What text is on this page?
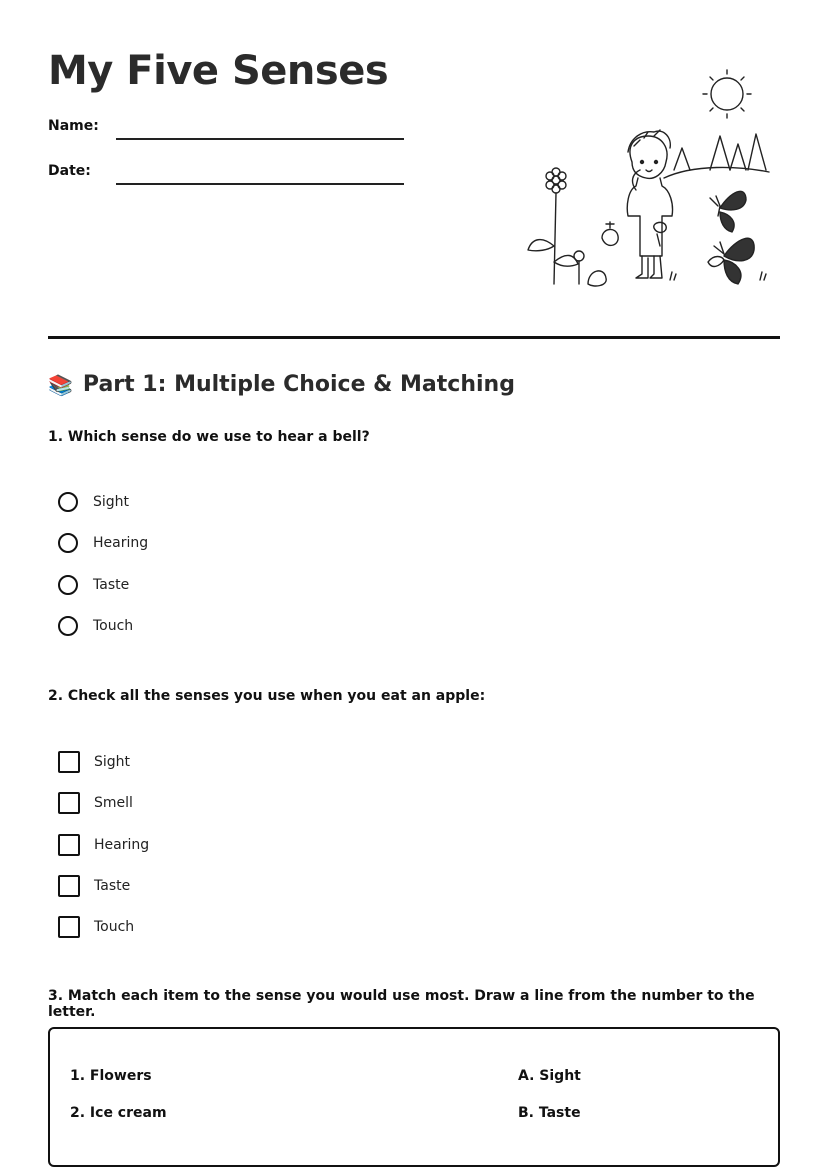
My Five Senses
Name:
Date:
📚 Part 1: Multiple Choice & Matching
1. Which sense do we use to hear a bell?
Sight
Hearing
Taste
Touch
2. Check all the senses you use when you eat an apple:
Sight
Smell
Hearing
Taste
Touch
3. Match each item to the sense you would use most. Draw a line from the number to the letter.
1. Flowers	A. Sight
2. Ice cream	B. Taste
